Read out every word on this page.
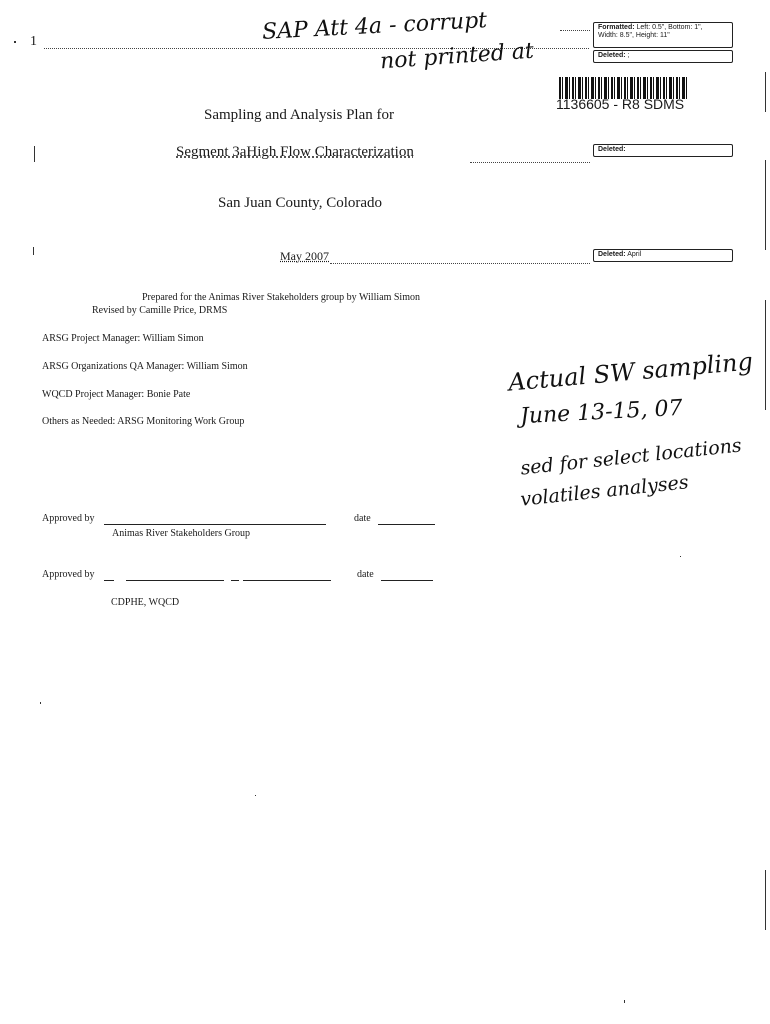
1	SAP Att 4a - corrupt
not printed at
Formatted: Left: 0.5", Bottom: 1",
Width: 8.5", Height: 11"
Deleted: ;
1136605 - R8 SDMS
Sampling and Analysis Plan for
Segment 3aHigh Flow Characterization	Deleted:
San Juan County, Colorado
May 2007	Deleted: April
Prepared for the Animas River Stakeholders group by William Simon
Revised by Camille Price, DRMS
ARSG Project Manager: William Simon
ARSG Organizations QA Manager: William Simon
WQCD Project Manager: Bonie Pate
Others as Needed: ARSG Monitoring Work Group
Actual SW sampling
June 13-15, 07
sed for select locations
volatiles analyses
Approved by
Animas River Stakeholders Group
date
Approved by	date
CDPHE, WQCD
